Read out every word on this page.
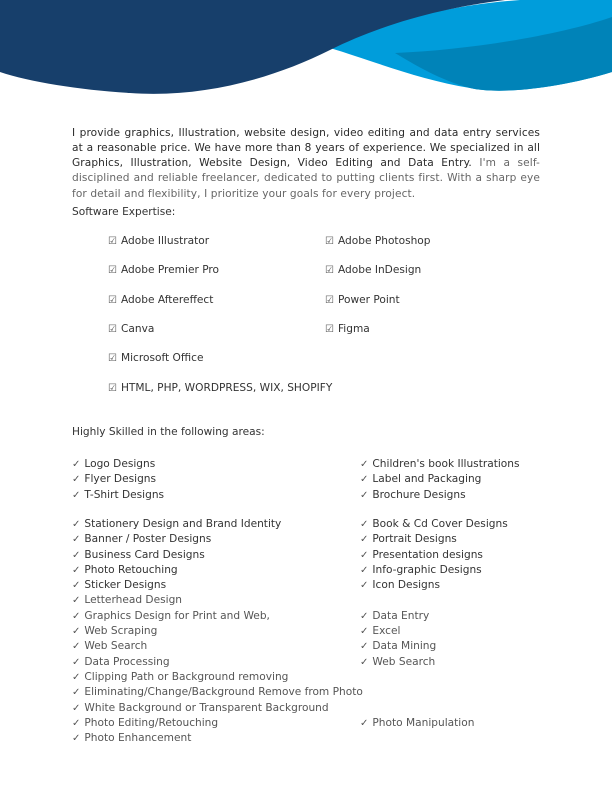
I provide graphics, Illustration, website design, video editing and data entry services at a reasonable price. We have more than 8 years of experience. We specialized in all Graphics, Illustration, Website Design, Video Editing and Data Entry. I'm a self-disciplined and reliable freelancer, dedicated to putting clients first. With a sharp eye for detail and flexibility, I prioritize your goals for every project.

Software Expertise:
☑ Adobe Illustrator
☑ Adobe Premier Pro
☑ Adobe Aftereffect
☑ Canva
☑ Microsoft Office
☑ HTML, PHP, WORDPRESS, WIX, SHOPIFY
☑ Adobe Photoshop
☑ Adobe InDesign
☑ Power Point
☑ Figma
Highly Skilled in the following areas:
✓ Logo Designs
✓ Flyer Designs
✓ T-Shirt Designs
✓ Stationery Design and Brand Identity
✓ Banner / Poster Designs
✓ Business Card Designs
✓ Photo Retouching
✓ Sticker Designs
✓ Letterhead Design
✓ Graphics Design for Print and Web,
✓ Web Scraping
✓ Web Search
✓ Data Processing
✓ Clipping Path or Background removing
✓ Eliminating/Change/Background Remove from Photo
✓ White Background or Transparent Background
✓ Photo Editing/Retouching
✓ Photo Enhancement
✓ Children's book Illustrations
✓ Label and Packaging
✓ Brochure Designs
✓ Book & Cd Cover Designs
✓ Portrait Designs
✓ Presentation designs
✓ Info-graphic Designs
✓ Icon Designs
✓ Data Entry
✓ Excel
✓ Data Mining
✓ Web Search
✓ Photo Manipulation
